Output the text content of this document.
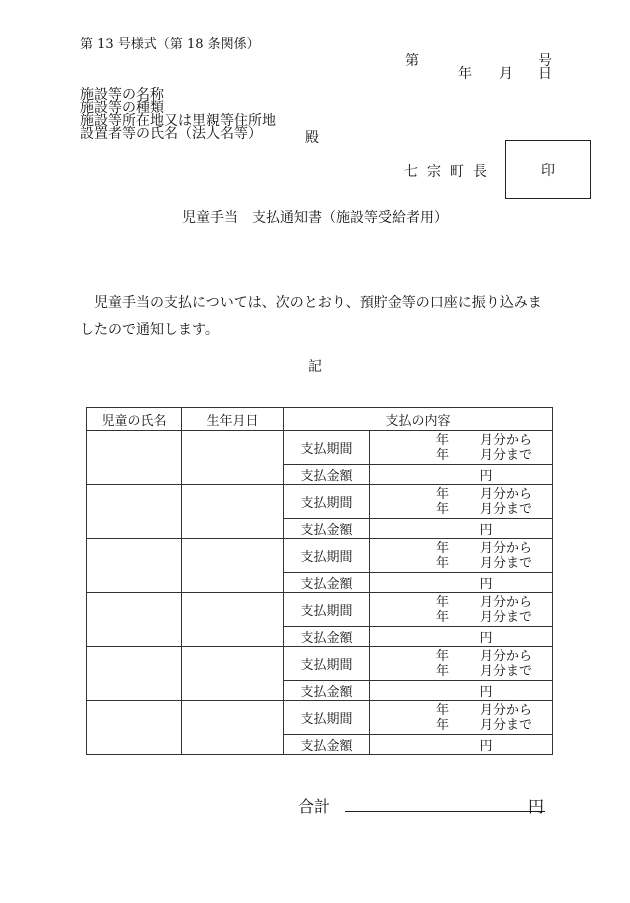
第 13 号様式（第 18 条関係）
第	号
年 月 日
施設等の名称
施設等の種類
施設等所在地又は里親等住所地
設置者等の氏名（法人名等）	殿
七宗町長	印
児童手当　支払通知書（施設等受給者用）
児童手当の支払については、次のとおり、預貯金等の口座に振り込みましたので通知します。
記
児童の氏名	生年月日	支払の内容	
		支払期間	年 月分から
年 月分まで

		支払金額	円
		支払期間	年 月分から
年 月分まで

		支払金額	円
		支払期間	年 月分から
年 月分まで

		支払金額	円
		支払期間	年 月分から
年 月分まで

		支払金額	円
		支払期間	年 月分から
年 月分まで

		支払金額	円
		支払期間	年 月分から
年 月分まで

		支払金額	円
合計	円
